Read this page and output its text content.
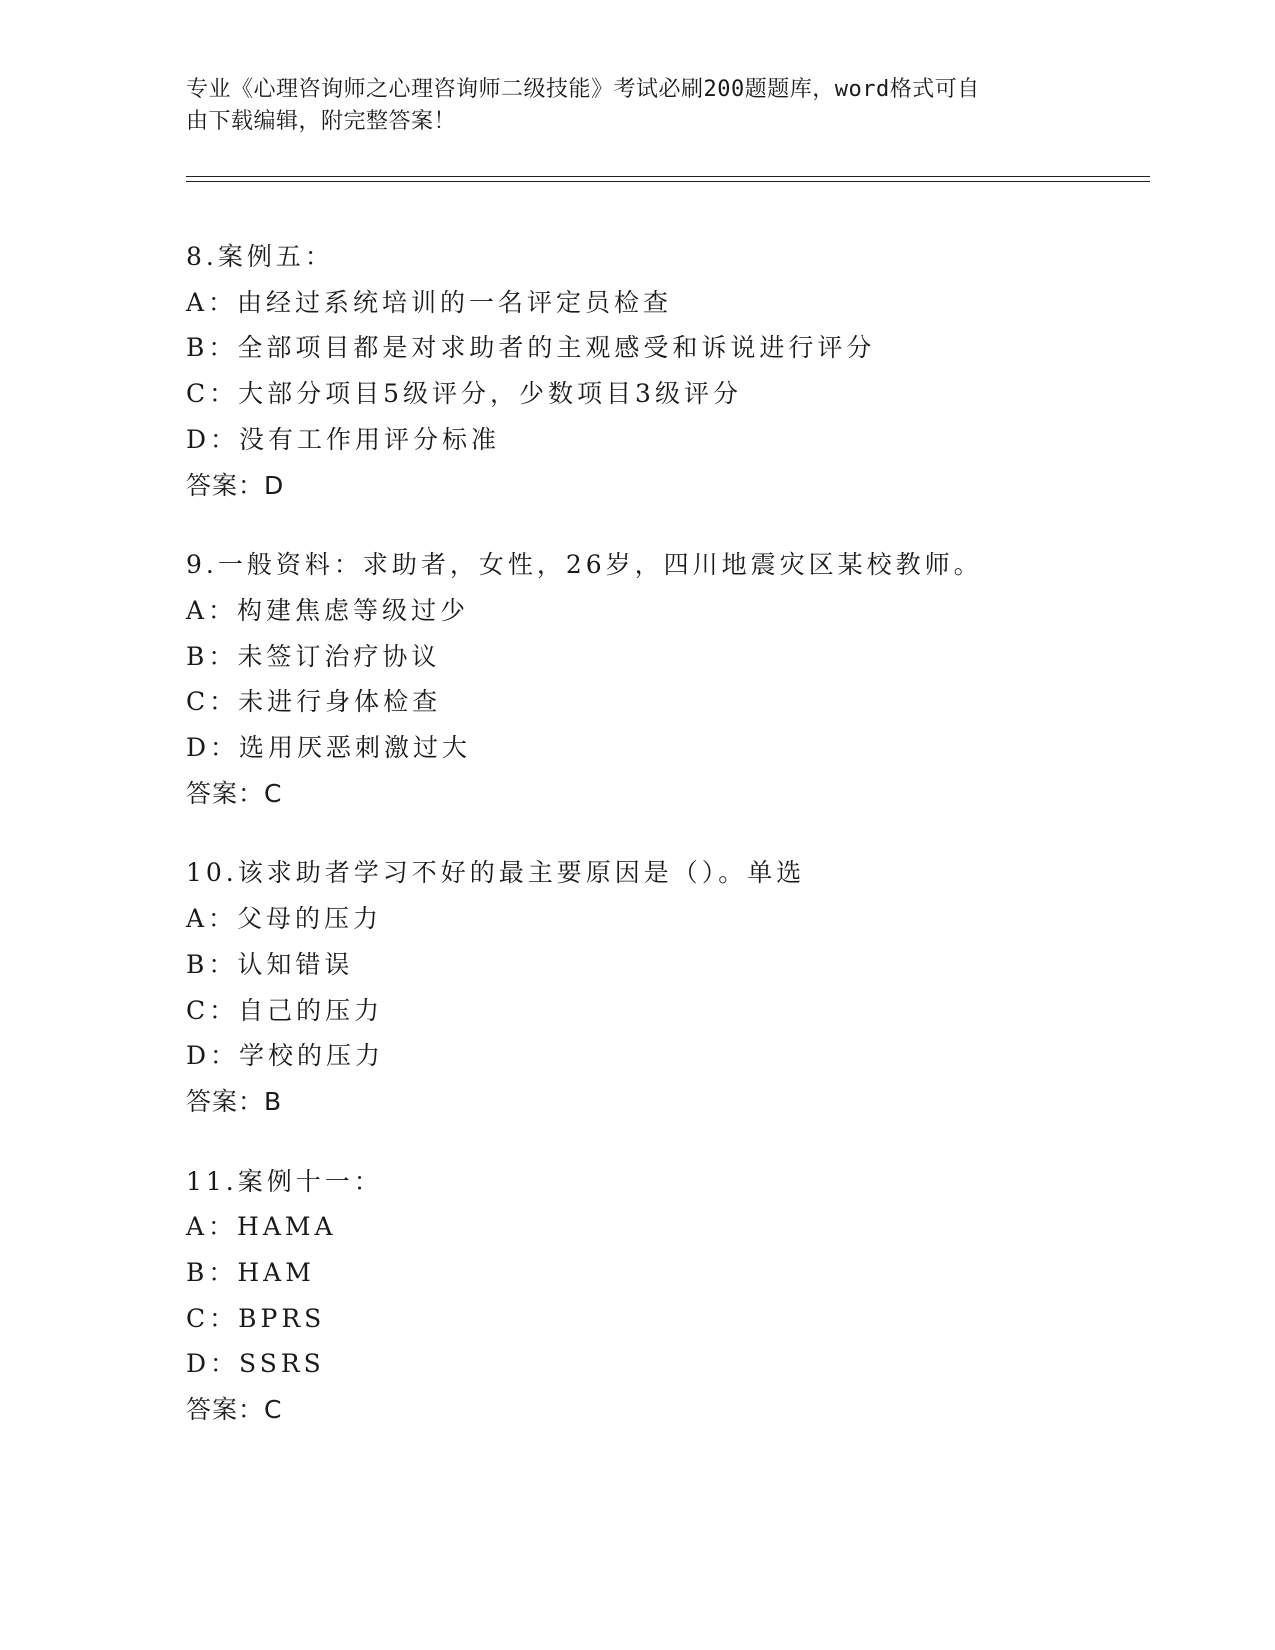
专业《心理咨询师之心理咨询师二级技能》考试必刷200题题库，word格式可自

由下载编辑，附完整答案！

8.案例五：
A：由经过系统培训的一名评定员检查
B：全部项目都是对求助者的主观感受和诉说进行评分
C：大部分项目5级评分，少数项目3级评分
D：没有工作用评分标准
答案：D
9.一般资料：求助者，女性，26岁，四川地震灾区某校教师。
A：构建焦虑等级过少
B：未签订治疗协议
C：未进行身体检查
D：选用厌恶刺激过大
答案：C
10.该求助者学习不好的最主要原因是（）。单选
A：父母的压力
B：认知错误
C：自己的压力
D：学校的压力
答案：B
11.案例十一：
A：HAMA
B：HAM
C：BPRS
D：SSRS
答案：C
